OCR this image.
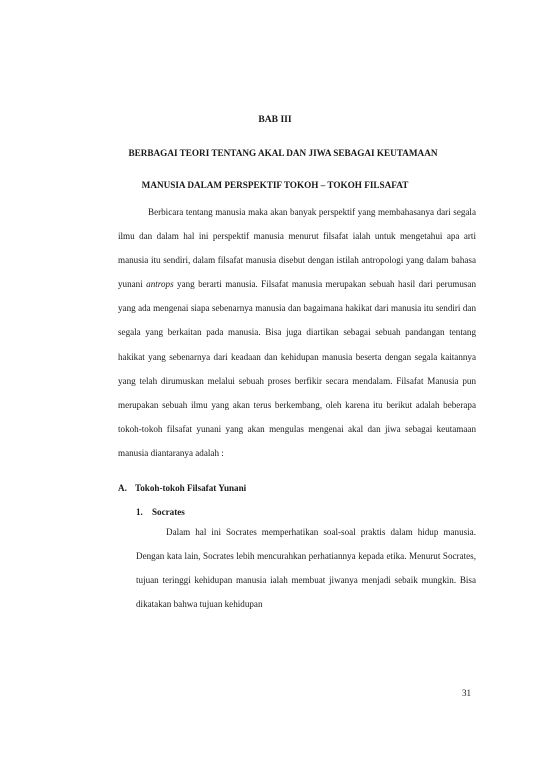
BAB III

BERBAGAI TEORI TENTANG AKAL DAN JIWA SEBAGAI KEUTAMAAN

MANUSIA DALAM PERSPEKTIF TOKOH – TOKOH FILSAFAT

Berbicara tentang manusia maka akan banyak perspektif yang membahasanya dari segala ilmu dan dalam hal ini perspektif manusia menurut filsafat ialah untuk mengetahui apa arti manusia itu sendiri, dalam filsafat manusia disebut dengan istilah antropologi yang dalam bahasa yunani antrops yang berarti manusia. Filsafat manusia merupakan sebuah hasil dari perumusan yang ada mengenai siapa sebenarnya manusia dan bagaimana hakikat dari manusia itu sendiri dan segala yang berkaitan pada manusia. Bisa juga diartikan sebagai sebuah pandangan tentang hakikat yang sebenarnya dari keadaan dan kehidupan manusia beserta dengan segala kaitannya yang telah dirumuskan melalui sebuah proses berfikir secara mendalam. Filsafat Manusia pun merupakan sebuah ilmu yang akan terus berkembang, oleh karena itu berikut adalah beberapa tokoh-tokoh filsafat yunani yang akan mengulas mengenai akal dan jiwa sebagai keutamaan manusia diantaranya adalah :

A. Tokoh-tokoh Filsafat Yunani

1. Socrates

Dalam hal ini Socrates memperhatikan soal-soal praktis dalam hidup manusia. Dengan kata lain, Socrates lebih mencurahkan perhatiannya kepada etika. Menurut Socrates, tujuan teringgi kehidupan manusia ialah membuat jiwanya menjadi sebaik mungkin. Bisa dikatakan bahwa tujuan kehidupan

31
